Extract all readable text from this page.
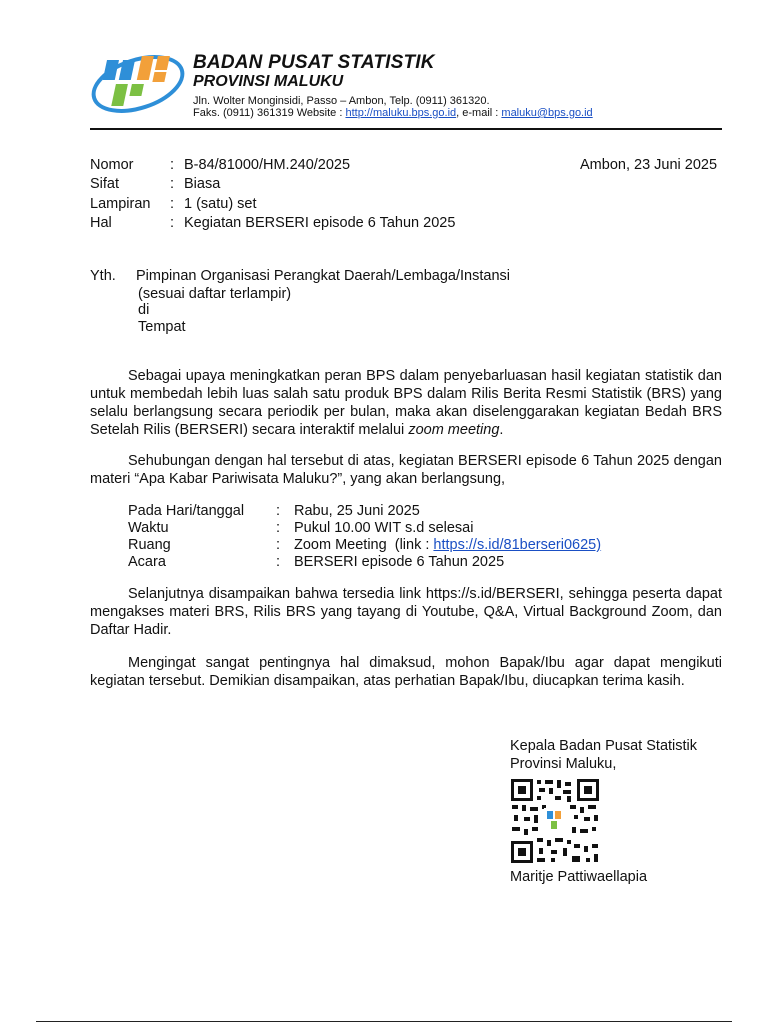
BADAN PUSAT STATISTIK
PROVINSI MALUKU
Jln. Wolter Monginsidi, Passo – Ambon, Telp. (0911) 361320.
Faks. (0911) 361319 Website : http://maluku.bps.go.id, e-mail : maluku@bps.go.id
Ambon, 23 Juni 2025
Nomor	: B-84/81000/HM.240/2025
Sifat	: Biasa
Lampiran : 1 (satu) set
Hal	: Kegiatan BERSERI episode 6 Tahun 2025
Yth. Pimpinan Organisasi Perangkat Daerah/Lembaga/Instansi
(sesuai daftar terlampir)
di
Tempat
Sebagai upaya meningkatkan peran BPS dalam penyebarluasan hasil kegiatan statistik dan untuk membedah lebih luas salah satu produk BPS dalam Rilis Berita Resmi Statistik (BRS) yang selalu berlangsung secara periodik per bulan, maka akan diselenggarakan kegiatan Bedah BRS Setelah Rilis (BERSERI) secara interaktif melalui zoom meeting.
Sehubungan dengan hal tersebut di atas, kegiatan BERSERI episode 6 Tahun 2025 dengan materi “Apa Kabar Pariwisata Maluku?”, yang akan berlangsung,
Pada Hari/tanggal : Rabu, 25 Juni 2025
Waktu	: Pukul 10.00 WIT s.d selesai
Ruang	: Zoom Meeting  (link : https://s.id/81berseri0625)
Acara	: BERSERI episode 6 Tahun 2025
Selanjutnya disampaikan bahwa tersedia link https://s.id/BERSERI, sehingga peserta dapat mengakses materi BRS, Rilis BRS yang tayang di Youtube, Q&A, Virtual Background Zoom, dan Daftar Hadir.
Mengingat sangat pentingnya hal dimaksud, mohon Bapak/Ibu agar dapat mengikuti kegiatan tersebut. Demikian disampaikan, atas perhatian Bapak/Ibu, diucapkan terima kasih.
Kepala Badan Pusat Statistik
Provinsi Maluku,
Maritje Pattiwaellapia
